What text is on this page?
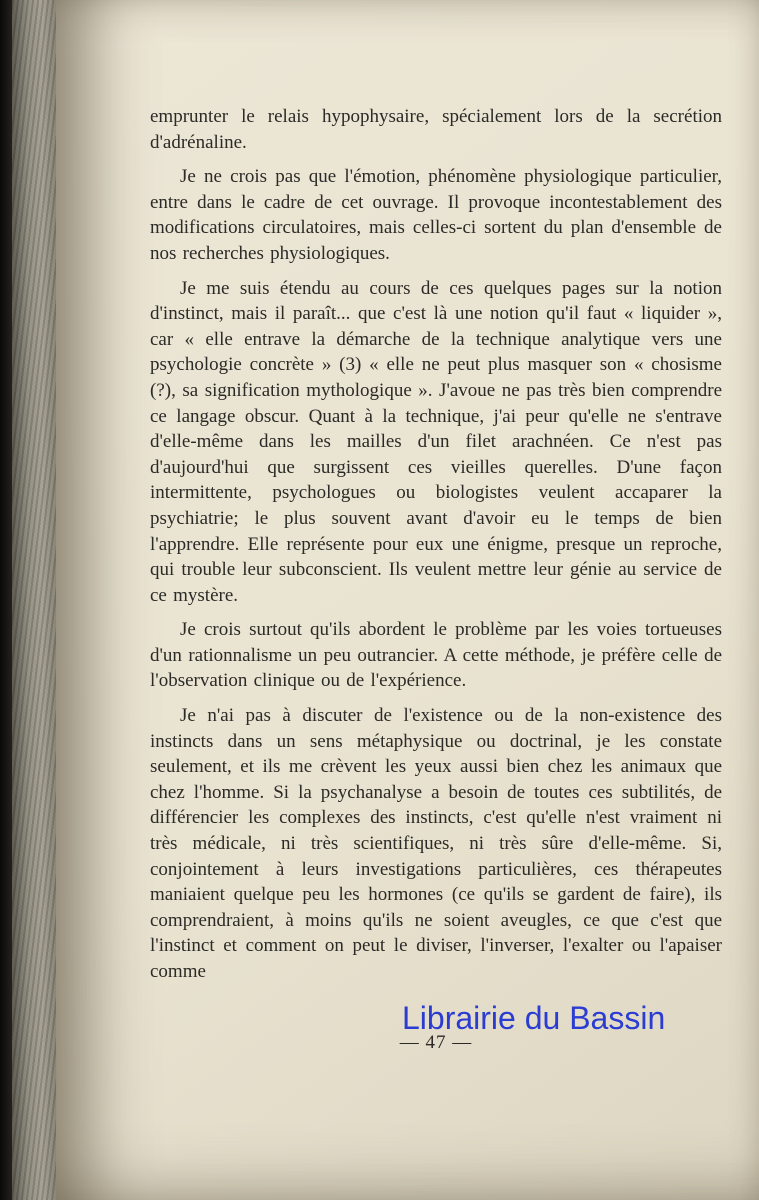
emprunter le relais hypophysaire, spécialement lors de la secrétion d'adrénaline.

Je ne crois pas que l'émotion, phénomène physiologique particulier, entre dans le cadre de cet ouvrage. Il provoque incontestablement des modifications circulatoires, mais celles-ci sortent du plan d'ensemble de nos recherches physiologiques.

Je me suis étendu au cours de ces quelques pages sur la notion d'instinct, mais il paraît... que c'est là une notion qu'il faut « liquider », car « elle entrave la démarche de la technique analytique vers une psychologie concrète » (3) « elle ne peut plus masquer son « chosisme (?), sa signification mythologique ». J'avoue ne pas très bien comprendre ce langage obscur. Quant à la technique, j'ai peur qu'elle ne s'entrave d'elle-même dans les mailles d'un filet arachnéen. Ce n'est pas d'aujourd'hui que surgissent ces vieilles querelles. D'une façon intermittente, psychologues ou biologistes veulent accaparer la psychiatrie; le plus souvent avant d'avoir eu le temps de bien l'apprendre. Elle représente pour eux une énigme, presque un reproche, qui trouble leur subconscient. Ils veulent mettre leur génie au service de ce mystère.

Je crois surtout qu'ils abordent le problème par les voies tortueuses d'un rationnalisme un peu outrancier. A cette méthode, je préfère celle de l'observation clinique ou de l'expérience.

Je n'ai pas à discuter de l'existence ou de la non-existence des instincts dans un sens métaphysique ou doctrinal, je les constate seulement, et ils me crèvent les yeux aussi bien chez les animaux que chez l'homme. Si la psychanalyse a besoin de toutes ces subtilités, de différencier les complexes des instincts, c'est qu'elle n'est vraiment ni très médicale, ni très scientifiques, ni très sûre d'elle-même. Si, conjointement à leurs investigations particulières, ces thérapeutes maniaient quelque peu les hormones (ce qu'ils se gardent de faire), ils comprendraient, à moins qu'ils ne soient aveugles, ce que c'est que l'instinct et comment on peut le diviser, l'inverser, l'exalter ou l'apaiser comme

— 47 —
Librairie du Bassin
